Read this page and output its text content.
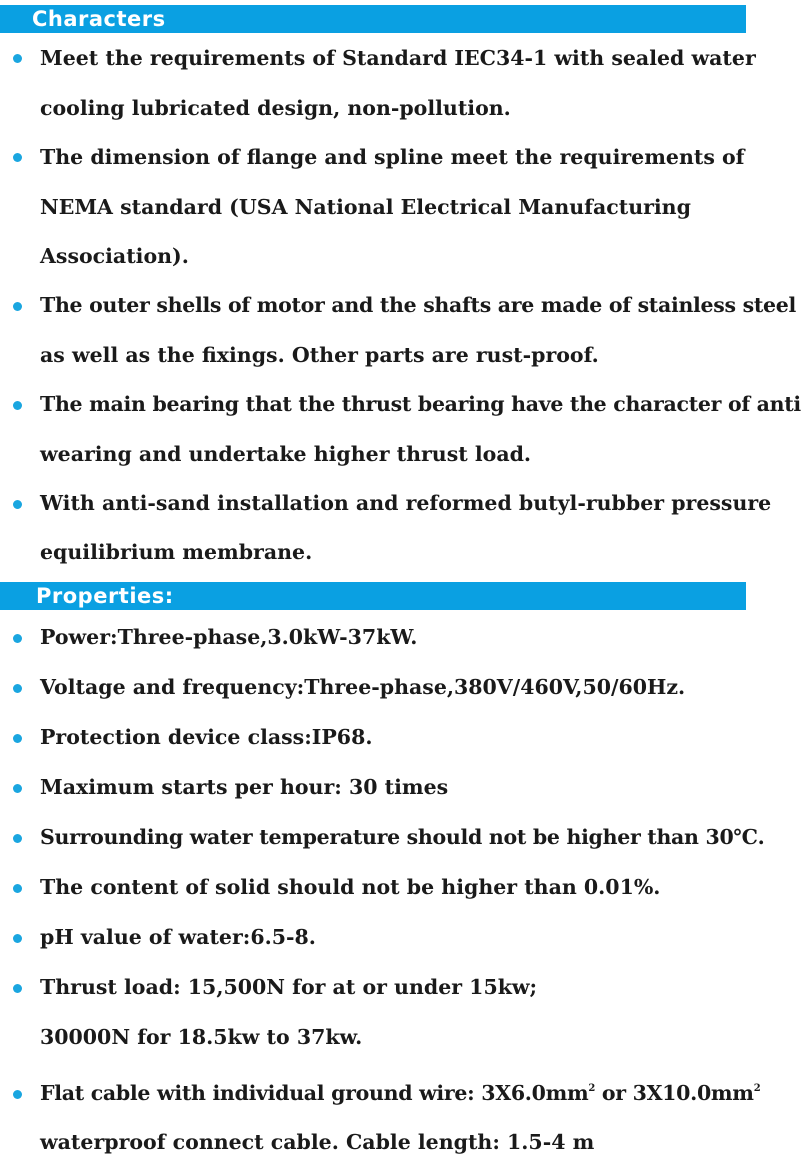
Characters
Meet the requirements of Standard IEC34-1 with sealed water
cooling lubricated design, non-pollution.
The dimension of flange and spline meet the requirements of
NEMA standard (USA National Electrical Manufacturing
Association).
The outer shells of motor and the shafts are made of stainless steel
as well as the fixings. Other parts are rust-proof.
The main bearing that the thrust bearing have the character of anti
wearing and undertake higher thrust load.
With anti-sand installation and reformed butyl-rubber pressure
equilibrium membrane.
Properties:
Power:Three-phase,3.0kW-37kW.
Voltage and frequency:Three-phase,380V/460V,50/60Hz.
Protection device class:IP68.
Maximum starts per hour: 30 times
Surrounding water temperature should not be higher than 30℃.
The content of solid should not be higher than 0.01%.
pH value of water:6.5-8.
Thrust load: 15,500N for at or under 15kw;
30000N for 18.5kw to 37kw.
Flat cable with individual ground wire: $3X6.0mm^2$ or $3X10.0mm^2$
waterproof connect cable. Cable length: 1.5-4 m
